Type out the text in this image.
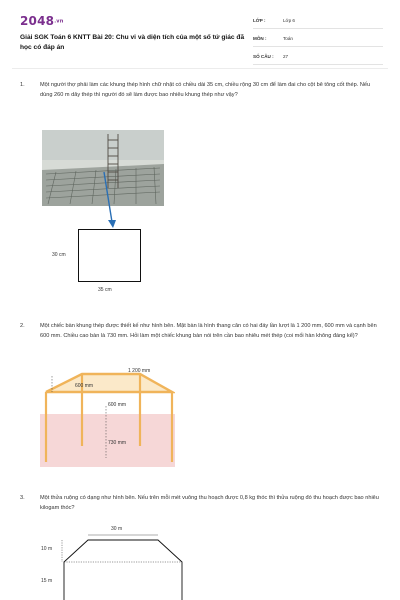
2048.vn
Giải SGK Toán 6 KNTT Bài 20: Chu vi và diện tích của một số tứ giác đã học có đáp án
LỚP :	Lớp 6
MÔN :	Toán
SỐ CÂU : 27
1.	Một người thợ phải làm các khung thép hình chữ nhật có chiều dài 35 cm, chiều rộng 30 cm để làm đai cho cột bê tông cốt thép. Nếu dùng 260 m dây thép thì người đó sẽ làm được bao nhiêu khung thép như vậy?
30 cm
35 cm
2.	Một chiếc bàn khung thép được thiết kế như hình bên. Mặt bàn là hình thang cân có hai đáy lần lượt là 1 200 mm, 600 mm và cạnh bên 600 mm. Chiều cao bàn là 730 mm. Hỏi làm một chiếc khung bàn nói trên cần bao nhiêu mét thép (coi mối hàn không đáng kể)?
1 200 mm
600 mm
600 mm
730 mm
3.	Một thửa ruộng có dạng như hình bên. Nếu trên mỗi mét vuông thu hoạch được 0,8 kg thóc thì thửa ruộng đó thu hoạch được bao nhiêu kilogam thóc?
30 m
10 m
15 m
